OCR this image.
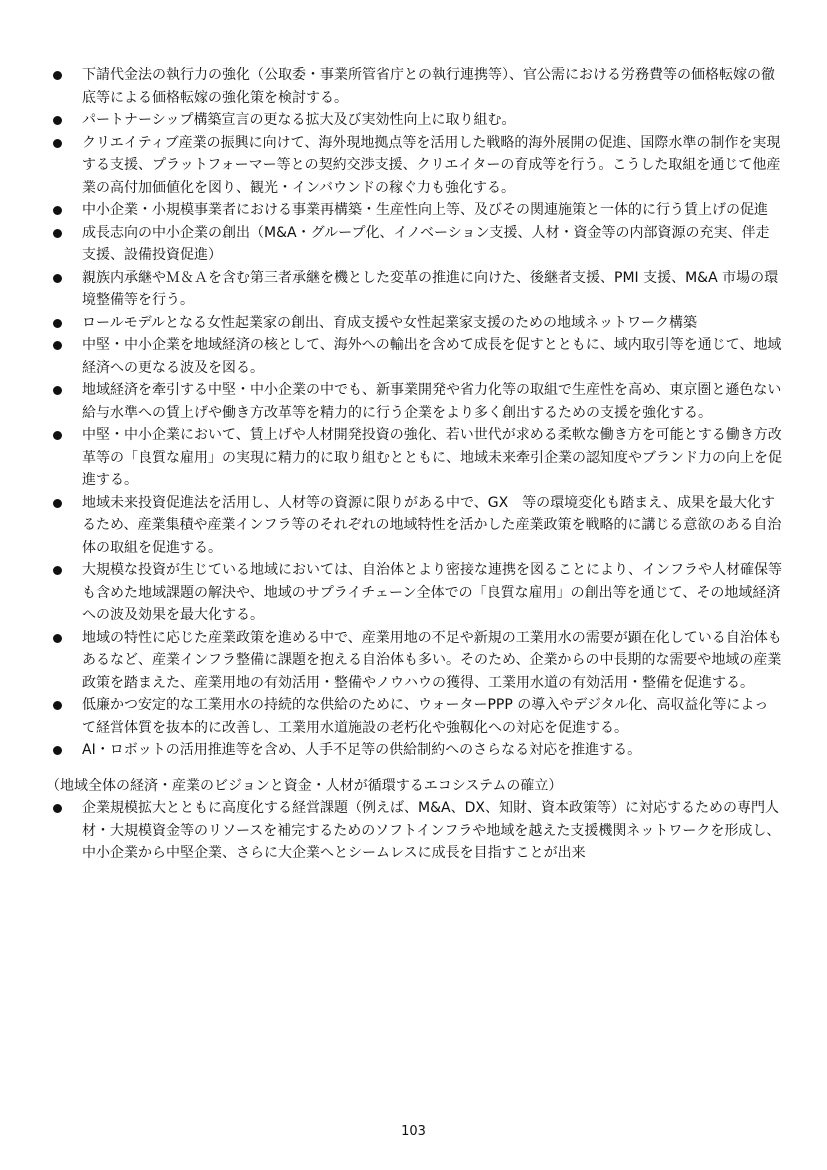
下請代金法の執行力の強化（公取委・事業所管省庁との執行連携等）、官公需における労務費等の価格転嫁の徹底等による価格転嫁の強化策を検討する。
パートナーシップ構築宣言の更なる拡大及び実効性向上に取り組む。
クリエイティブ産業の振興に向けて、海外現地拠点等を活用した戦略的海外展開の促進、国際水準の制作を実現する支援、プラットフォーマー等との契約交渉支援、クリエイターの育成等を行う。こうした取組を通じて他産業の高付加価値化を図り、観光・インバウンドの稼ぐ力も強化する。
中小企業・小規模事業者における事業再構築・生産性向上等、及びその関連施策と一体的に行う賃上げの促進
成長志向の中小企業の創出（M&A・グループ化、イノベーション支援、人材・資金等の内部資源の充実、伴走支援、設備投資促進）
親族内承継やＭ＆Ａを含む第三者承継を機とした変革の推進に向けた、後継者支援、PMI 支援、M&A 市場の環境整備等を行う。
ロールモデルとなる女性起業家の創出、育成支援や女性起業家支援のための地域ネットワーク構築
中堅・中小企業を地域経済の核として、海外への輸出を含めて成長を促すとともに、域内取引等を通じて、地域経済への更なる波及を図る。
地域経済を牽引する中堅・中小企業の中でも、新事業開発や省力化等の取組で生産性を高め、東京圏と遜色ない給与水準への賃上げや働き方改革等を精力的に行う企業をより多く創出するための支援を強化する。
中堅・中小企業において、賃上げや人材開発投資の強化、若い世代が求める柔軟な働き方を可能とする働き方改革等の「良質な雇用」の実現に精力的に取り組むとともに、地域未来牽引企業の認知度やブランド力の向上を促進する。
地域未来投資促進法を活用し、人材等の資源に限りがある中で、GX　等の環境変化も踏まえ、成果を最大化するため、産業集積や産業インフラ等のそれぞれの地域特性を活かした産業政策を戦略的に講じる意欲のある自治体の取組を促進する。
大規模な投資が生じている地域においては、自治体とより密接な連携を図ることにより、インフラや人材確保等も含めた地域課題の解決や、地域のサプライチェーン全体での「良質な雇用」の創出等を通じて、その地域経済への波及効果を最大化する。
地域の特性に応じた産業政策を進める中で、産業用地の不足や新規の工業用水の需要が顕在化している自治体もあるなど、産業インフラ整備に課題を抱える自治体も多い。そのため、企業からの中長期的な需要や地域の産業政策を踏まえた、産業用地の有効活用・整備やノウハウの獲得、工業用水道の有効活用・整備を促進する。
低廉かつ安定的な工業用水の持続的な供給のために、ウォーターPPP の導入やデジタル化、高収益化等によって経営体質を抜本的に改善し、工業用水道施設の老朽化や強靱化への対応を促進する。
AI・ロボットの活用推進等を含め、人手不足等の供給制約へのさらなる対応を推進する。

（地域全体の経済・産業のビジョンと資金・人材が循環するエコシステムの確立）

企業規模拡大とともに高度化する経営課題（例えば、M&A、DX、知財、資本政策等）に対応するための専門人材・大規模資金等のリソースを補完するためのソフトインフラや地域を越えた支援機関ネットワークを形成し、中小企業から中堅企業、さらに大企業へとシームレスに成長を目指すことが出来
103
